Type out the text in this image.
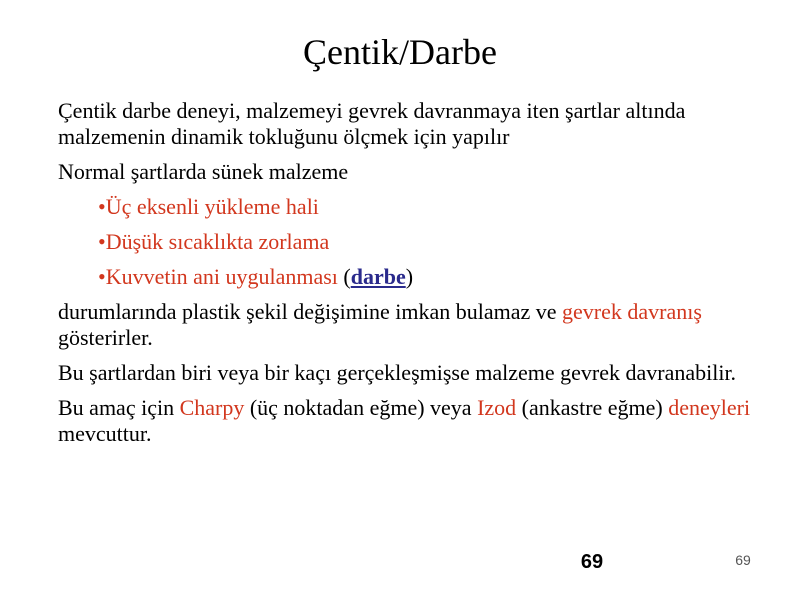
Çentik/Darbe
Çentik darbe deneyi, malzemeyi gevrek davranmaya iten şartlar altında malzemenin dinamik tokluğunu ölçmek için yapılır
Normal şartlarda sünek malzeme
•Üç eksenli yükleme hali
•Düşük sıcaklıkta zorlama
•Kuvvetin ani uygulanması (darbe)
durumlarında plastik şekil değişimine imkan bulamaz ve gevrek davranış gösterirler.
Bu şartlardan biri veya bir kaçı gerçekleşmişse malzeme gevrek davranabilir.
Bu amaç için Charpy (üç noktadan eğme) veya Izod (ankastre eğme) deneyleri mevcuttur.
69	69
